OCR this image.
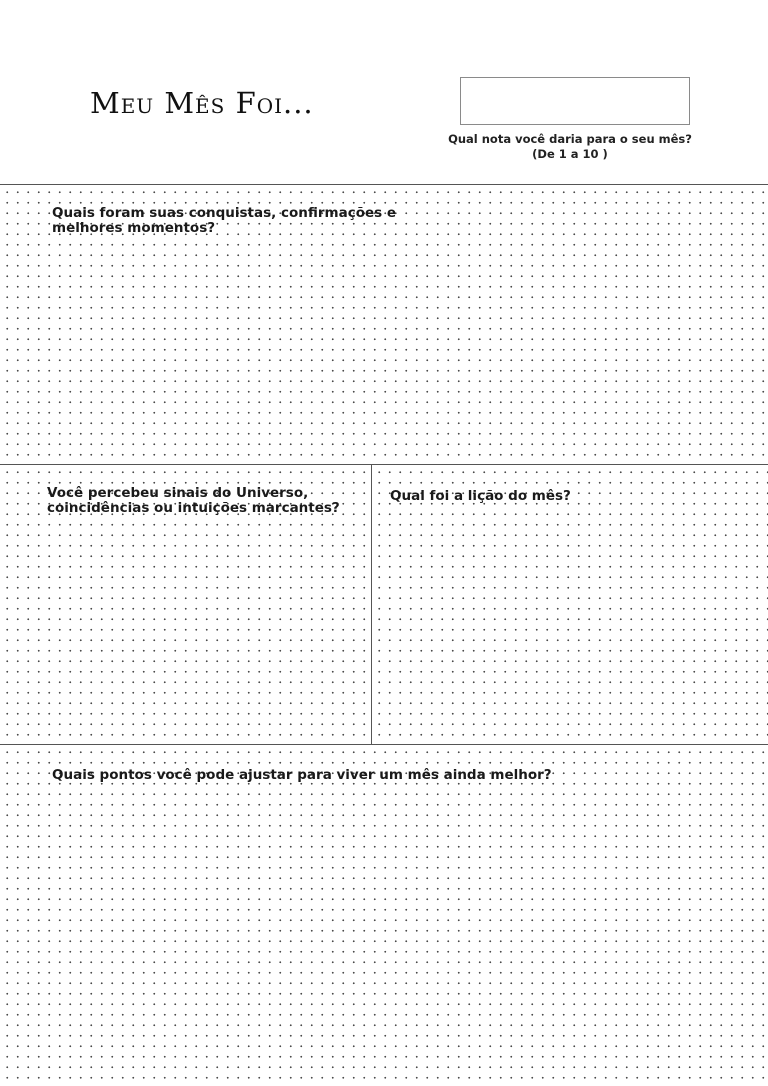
Meu Mês Foi...
Qual nota você daria para o seu mês?
(De 1 a 10 )
Quais foram suas conquistas, confirmações e
melhores momentos?
Você percebeu sinais do Universo,
coincidências ou intuições marcantes?
Qual foi a lição do mês?
Quais pontos você pode ajustar para viver um mês ainda melhor?
